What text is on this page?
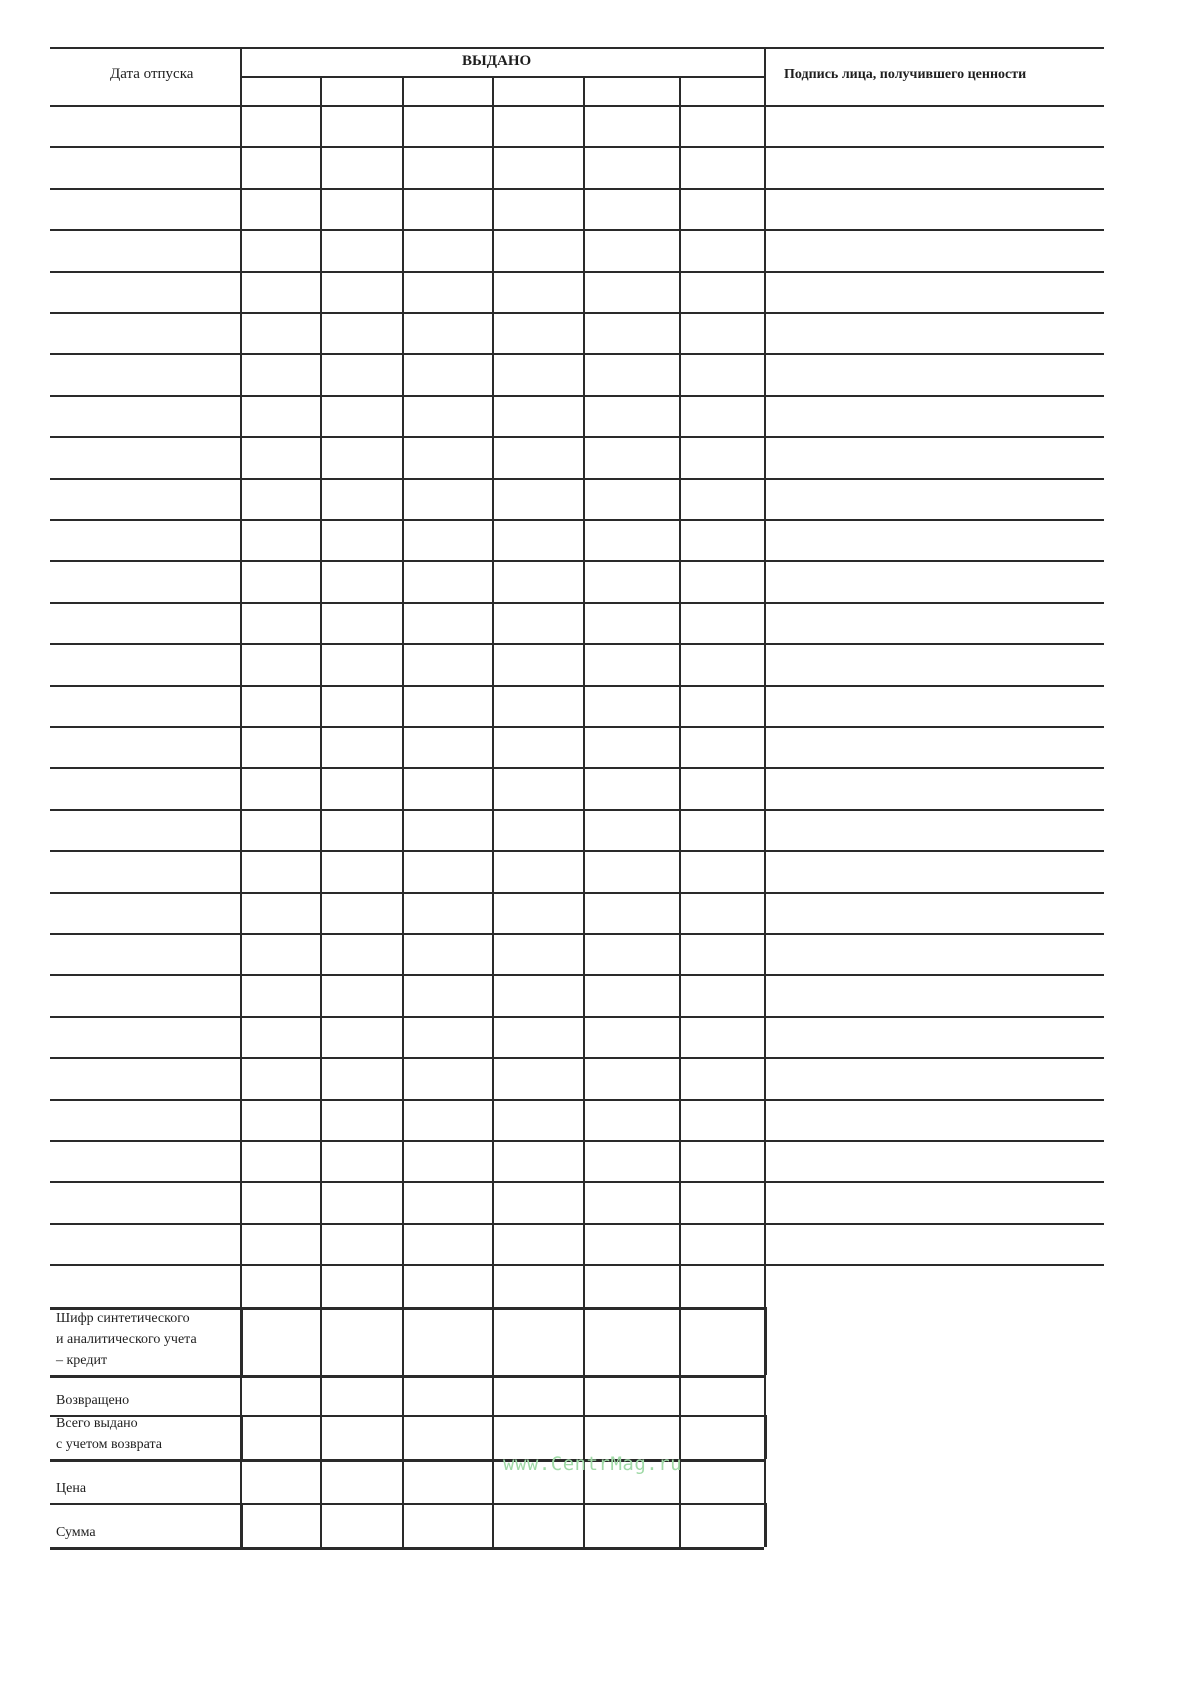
Дата отпуска
ВЫДАНО
Подпись лица, получившего ценности
Шифр синтетического
и аналитического учета
– кредит
Возвращено
Всего выдано
с учетом возврата
Цена
Сумма
www.CentrMag.ru
